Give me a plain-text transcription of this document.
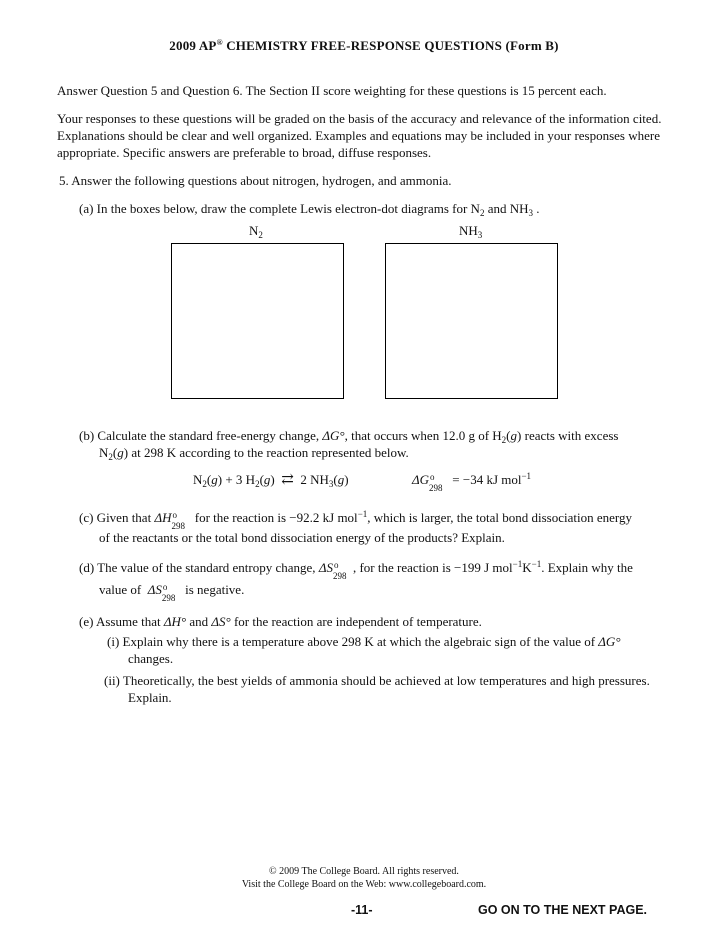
2009 AP® CHEMISTRY FREE-RESPONSE QUESTIONS (Form B)
Answer Question 5 and Question 6. The Section II score weighting for these questions is 15 percent each.
Your responses to these questions will be graded on the basis of the accuracy and relevance of the information cited.
Explanations should be clear and well organized. Examples and equations may be included in your responses where
appropriate. Specific answers are preferable to broad, diffuse responses.
5. Answer the following questions about nitrogen, hydrogen, and ammonia.
(a) In the boxes below, draw the complete Lewis electron-dot diagrams for $N_2$ and $NH_3$ .
$N_2$	$NH_3$
(b) Calculate the standard free-energy change, ΔG°, that occurs when 12.0 g of $H_2(g)$ reacts with excess
$N_2(g)$ at 298 K according to the reaction represented below.
$N_2(g) + 3$ $H_2(g)$  ⇄ 2 $NH_3(g)$	ΔG o
298
= −34 kJ mol$^{-1}$
(c) Given that ΔH o
298
for the reaction is −92.2 kJ mol$^{-1}$, which is larger, the total bond dissociation energy
of the reactants or the total bond dissociation energy of the products? Explain.
(d) The value of the standard entropy change, ΔS o
298
, for the reaction is −199 J $mol^{-1}K^{-1}$. Explain why the
value of ΔS o
298
is negative.
(e) Assume that ΔH° and ΔS° for the reaction are independent of temperature.
(i) Explain why there is a temperature above 298 K at which the algebraic sign of the value of ΔG°
changes.
(ii) Theoretically, the best yields of ammonia should be achieved at low temperatures and high pressures.
Explain.
© 2009 The College Board. All rights reserved.
Visit the College Board on the Web: www.collegeboard.com.
-11-	GO ON TO THE NEXT PAGE.
